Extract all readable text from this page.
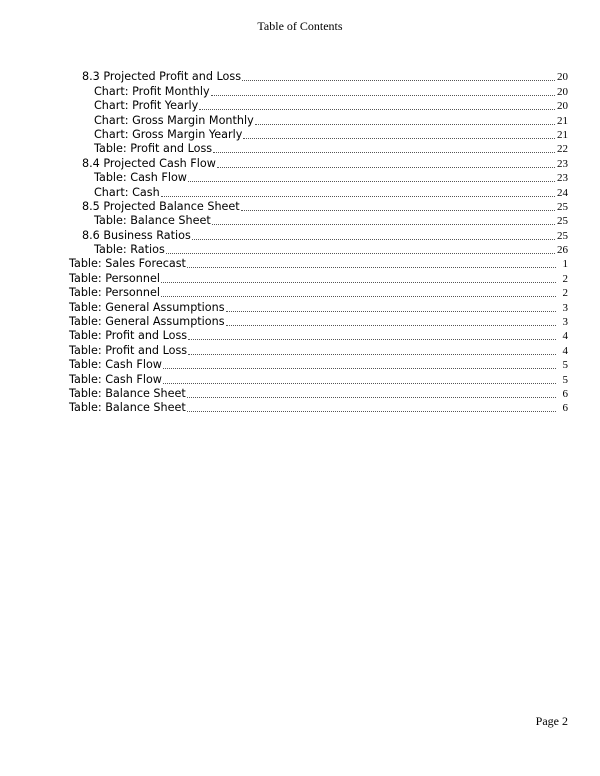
Table of Contents
8.3 Projected Profit and Loss	20
Chart: Profit Monthly	20
Chart: Profit Yearly	20
Chart: Gross Margin Monthly	21
Chart: Gross Margin Yearly	21
Table: Profit and Loss	22
8.4 Projected Cash Flow	23
Table: Cash Flow	23
Chart: Cash	24
8.5 Projected Balance Sheet	25
Table: Balance Sheet	25
8.6 Business Ratios	25
Table: Ratios	26
Table: Sales Forecast	1
Table: Personnel	2
Table: Personnel	2
Table: General Assumptions	3
Table: General Assumptions	3
Table: Profit and Loss	4
Table: Profit and Loss	4
Table: Cash Flow	5
Table: Cash Flow	5
Table: Balance Sheet	6
Table: Balance Sheet	6
Page 2
